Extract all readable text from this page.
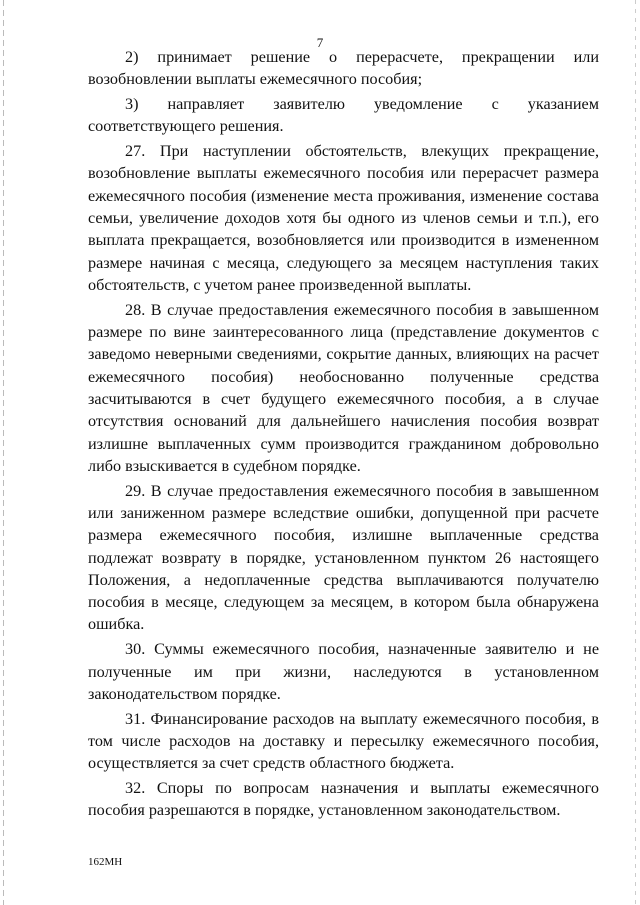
7

2) принимает решение о перерасчете, прекращении или возобновлении выплаты ежемесячного пособия;

3) направляет заявителю уведомление с указанием соответствующего решения.

27. При наступлении обстоятельств, влекущих прекращение, возобновление выплаты ежемесячного пособия или перерасчет размера ежемесячного пособия (изменение места проживания, изменение состава семьи, увеличение доходов хотя бы одного из членов семьи и т.п.), его выплата прекращается, возобновляется или производится в измененном размере начиная с месяца, следующего за месяцем наступления таких обстоятельств, с учетом ранее произведенной выплаты.

28. В случае предоставления ежемесячного пособия в завышенном размере по вине заинтересованного лица (представление документов с заведомо неверными сведениями, сокрытие данных, влияющих на расчет ежемесячного пособия) необоснованно полученные средства засчитываются в счет будущего ежемесячного пособия, а в случае отсутствия оснований для дальнейшего начисления пособия возврат излишне выплаченных сумм производится гражданином добровольно либо взыскивается в судебном порядке.

29. В случае предоставления ежемесячного пособия в завышенном или заниженном размере вследствие ошибки, допущенной при расчете размера ежемесячного пособия, излишне выплаченные средства подлежат возврату в порядке, установленном пунктом 26 настоящего Положения, а недоплаченные средства выплачиваются получателю пособия в месяце, следующем за месяцем, в котором была обнаружена ошибка.

30. Суммы ежемесячного пособия, назначенные заявителю и не полученные им при жизни, наследуются в установленном законодательством порядке.

31. Финансирование расходов на выплату ежемесячного пособия, в том числе расходов на доставку и пересылку ежемесячного пособия, осуществляется за счет средств областного бюджета.

32. Споры по вопросам назначения и выплаты ежемесячного пособия разрешаются в порядке, установленном законодательством.

162МН
